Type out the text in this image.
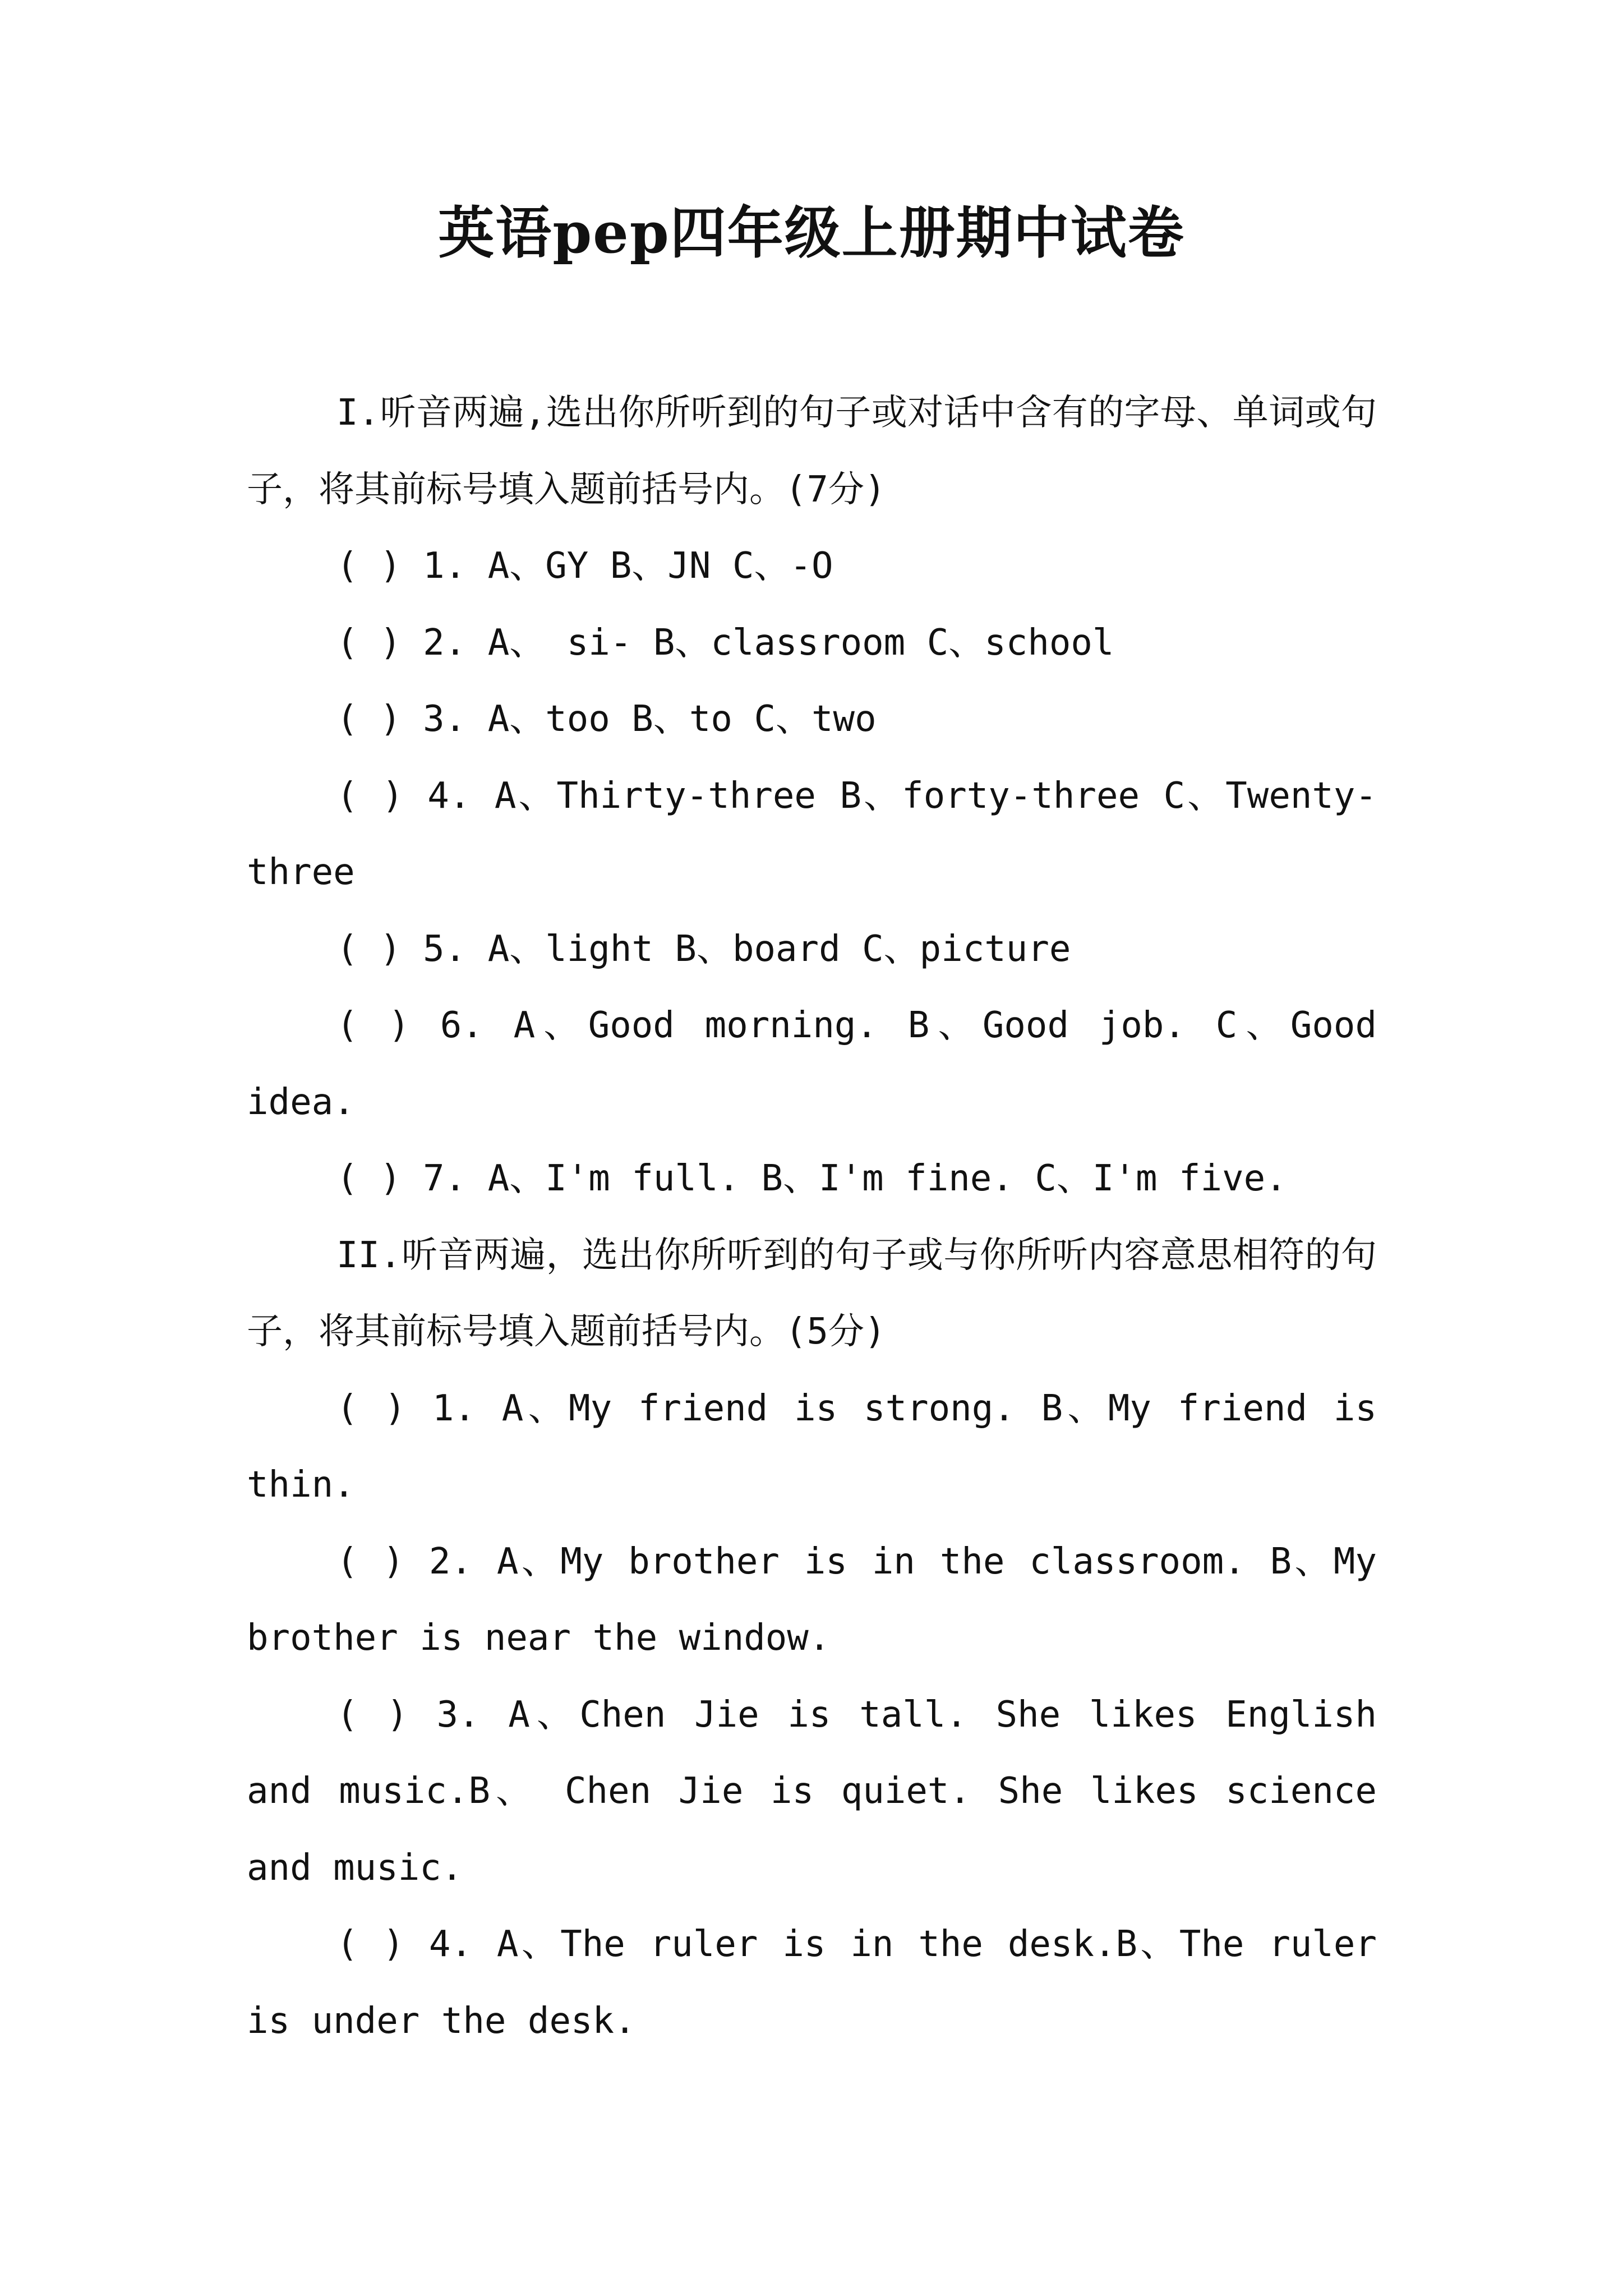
英语pep四年级上册期中试卷

I.听音两遍,选出你所听到的句子或对话中含有的字母、单词或句子，将其前标号填入题前括号内。(7分)

( ) 1. A、GY B、JN C、-O

( ) 2. A、 si- B、classroom C、school

( ) 3. A、too B、to C、two

( ) 4. A、Thirty-three B、forty-three C、Twenty-three

( ) 5. A、light B、board C、picture

( ) 6. A、Good morning. B、Good job. C、Good idea.

( ) 7. A、I'm full. B、I'm fine. C、I'm five.

II.听音两遍，选出你所听到的句子或与你所听内容意思相符的句子，将其前标号填入题前括号内。(5分)

( ) 1. A、My friend is strong. B、My friend is thin.

( ) 2. A、My brother is in the classroom. B、My brother is near the window.

( ) 3. A、Chen Jie is tall. She likes English and music.B、 Chen Jie is quiet. She likes science and music.

( ) 4. A、The ruler is in the desk.B、The ruler is under the desk.
